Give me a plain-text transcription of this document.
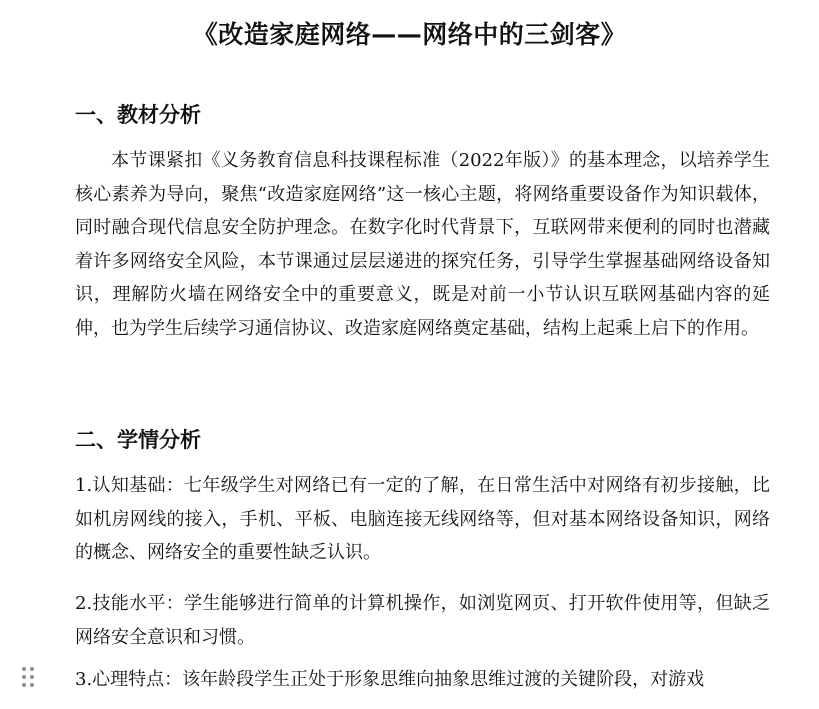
《改造家庭网络——网络中的三剑客》
一、教材分析
本节课紧扣《义务教育信息科技课程标准（2022年版）》的基本理念，以培养学生核心素养为导向，聚焦“改造家庭网络”这一核心主题，将网络重要设备作为知识载体，同时融合现代信息安全防护理念。在数字化时代背景下，互联网带来便利的同时也潜藏着许多网络安全风险，本节课通过层层递进的探究任务，引导学生掌握基础网络设备知识，理解防火墙在网络安全中的重要意义，既是对前一小节认识互联网基础内容的延伸，也为学生后续学习通信协议、改造家庭网络奠定基础，结构上起乘上启下的作用。
二、学情分析
1.认知基础：七年级学生对网络已有一定的了解，在日常生活中对网络有初步接触，比如机房网线的接入，手机、平板、电脑连接无线网络等，但对基本网络设备知识，网络的概念、网络安全的重要性缺乏认识。
2.技能水平：学生能够进行简单的计算机操作，如浏览网页、打开软件使用等，但缺乏网络安全意识和习惯。
3.心理特点：该年龄段学生正处于形象思维向抽象思维过渡的关键阶段，对游戏
